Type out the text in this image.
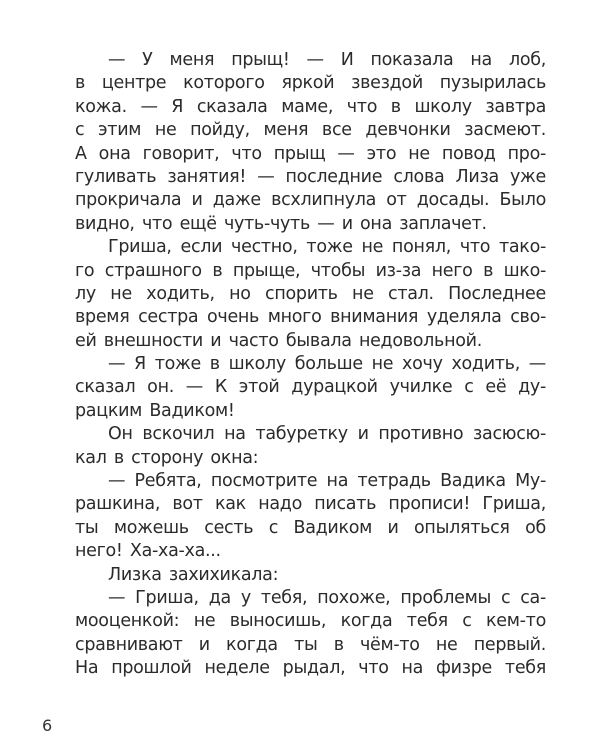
— У меня прыщ! — И показала на лоб,
в центре которого яркой звездой пузырилась
кожа. — Я сказала маме, что в школу завтра
с этим не пойду, меня все девчонки засмеют.
А она говорит, что прыщ — это не повод про-
гуливать занятия! — последние слова Лиза уже
прокричала и даже всхлипнула от досады. Было
видно, что ещё чуть-чуть — и она заплачет.
Гриша, если честно, тоже не понял, что тако-
го страшного в прыще, чтобы из-за него в шко-
лу не ходить, но спорить не стал. Последнее
время сестра очень много внимания уделяла сво-
ей внешности и часто бывала недовольной.
— Я тоже в школу больше не хочу ходить, —
сказал он. — К этой дурацкой училке с её ду-
рацким Вадиком!
Он вскочил на табуретку и противно засюсю-
кал в сторону окна:
— Ребята, посмотрите на тетрадь Вадика Му-
рашкина, вот как надо писать прописи! Гриша,
ты можешь сесть с Вадиком и опыляться об
него! Ха-ха-ха...
Лизка захихикала:
— Гриша, да у тебя, похоже, проблемы с са-
мооценкой: не выносишь, когда тебя с кем-то
сравнивают и когда ты в чём-то не первый.
На прошлой неделе рыдал, что на физре тебя
6
